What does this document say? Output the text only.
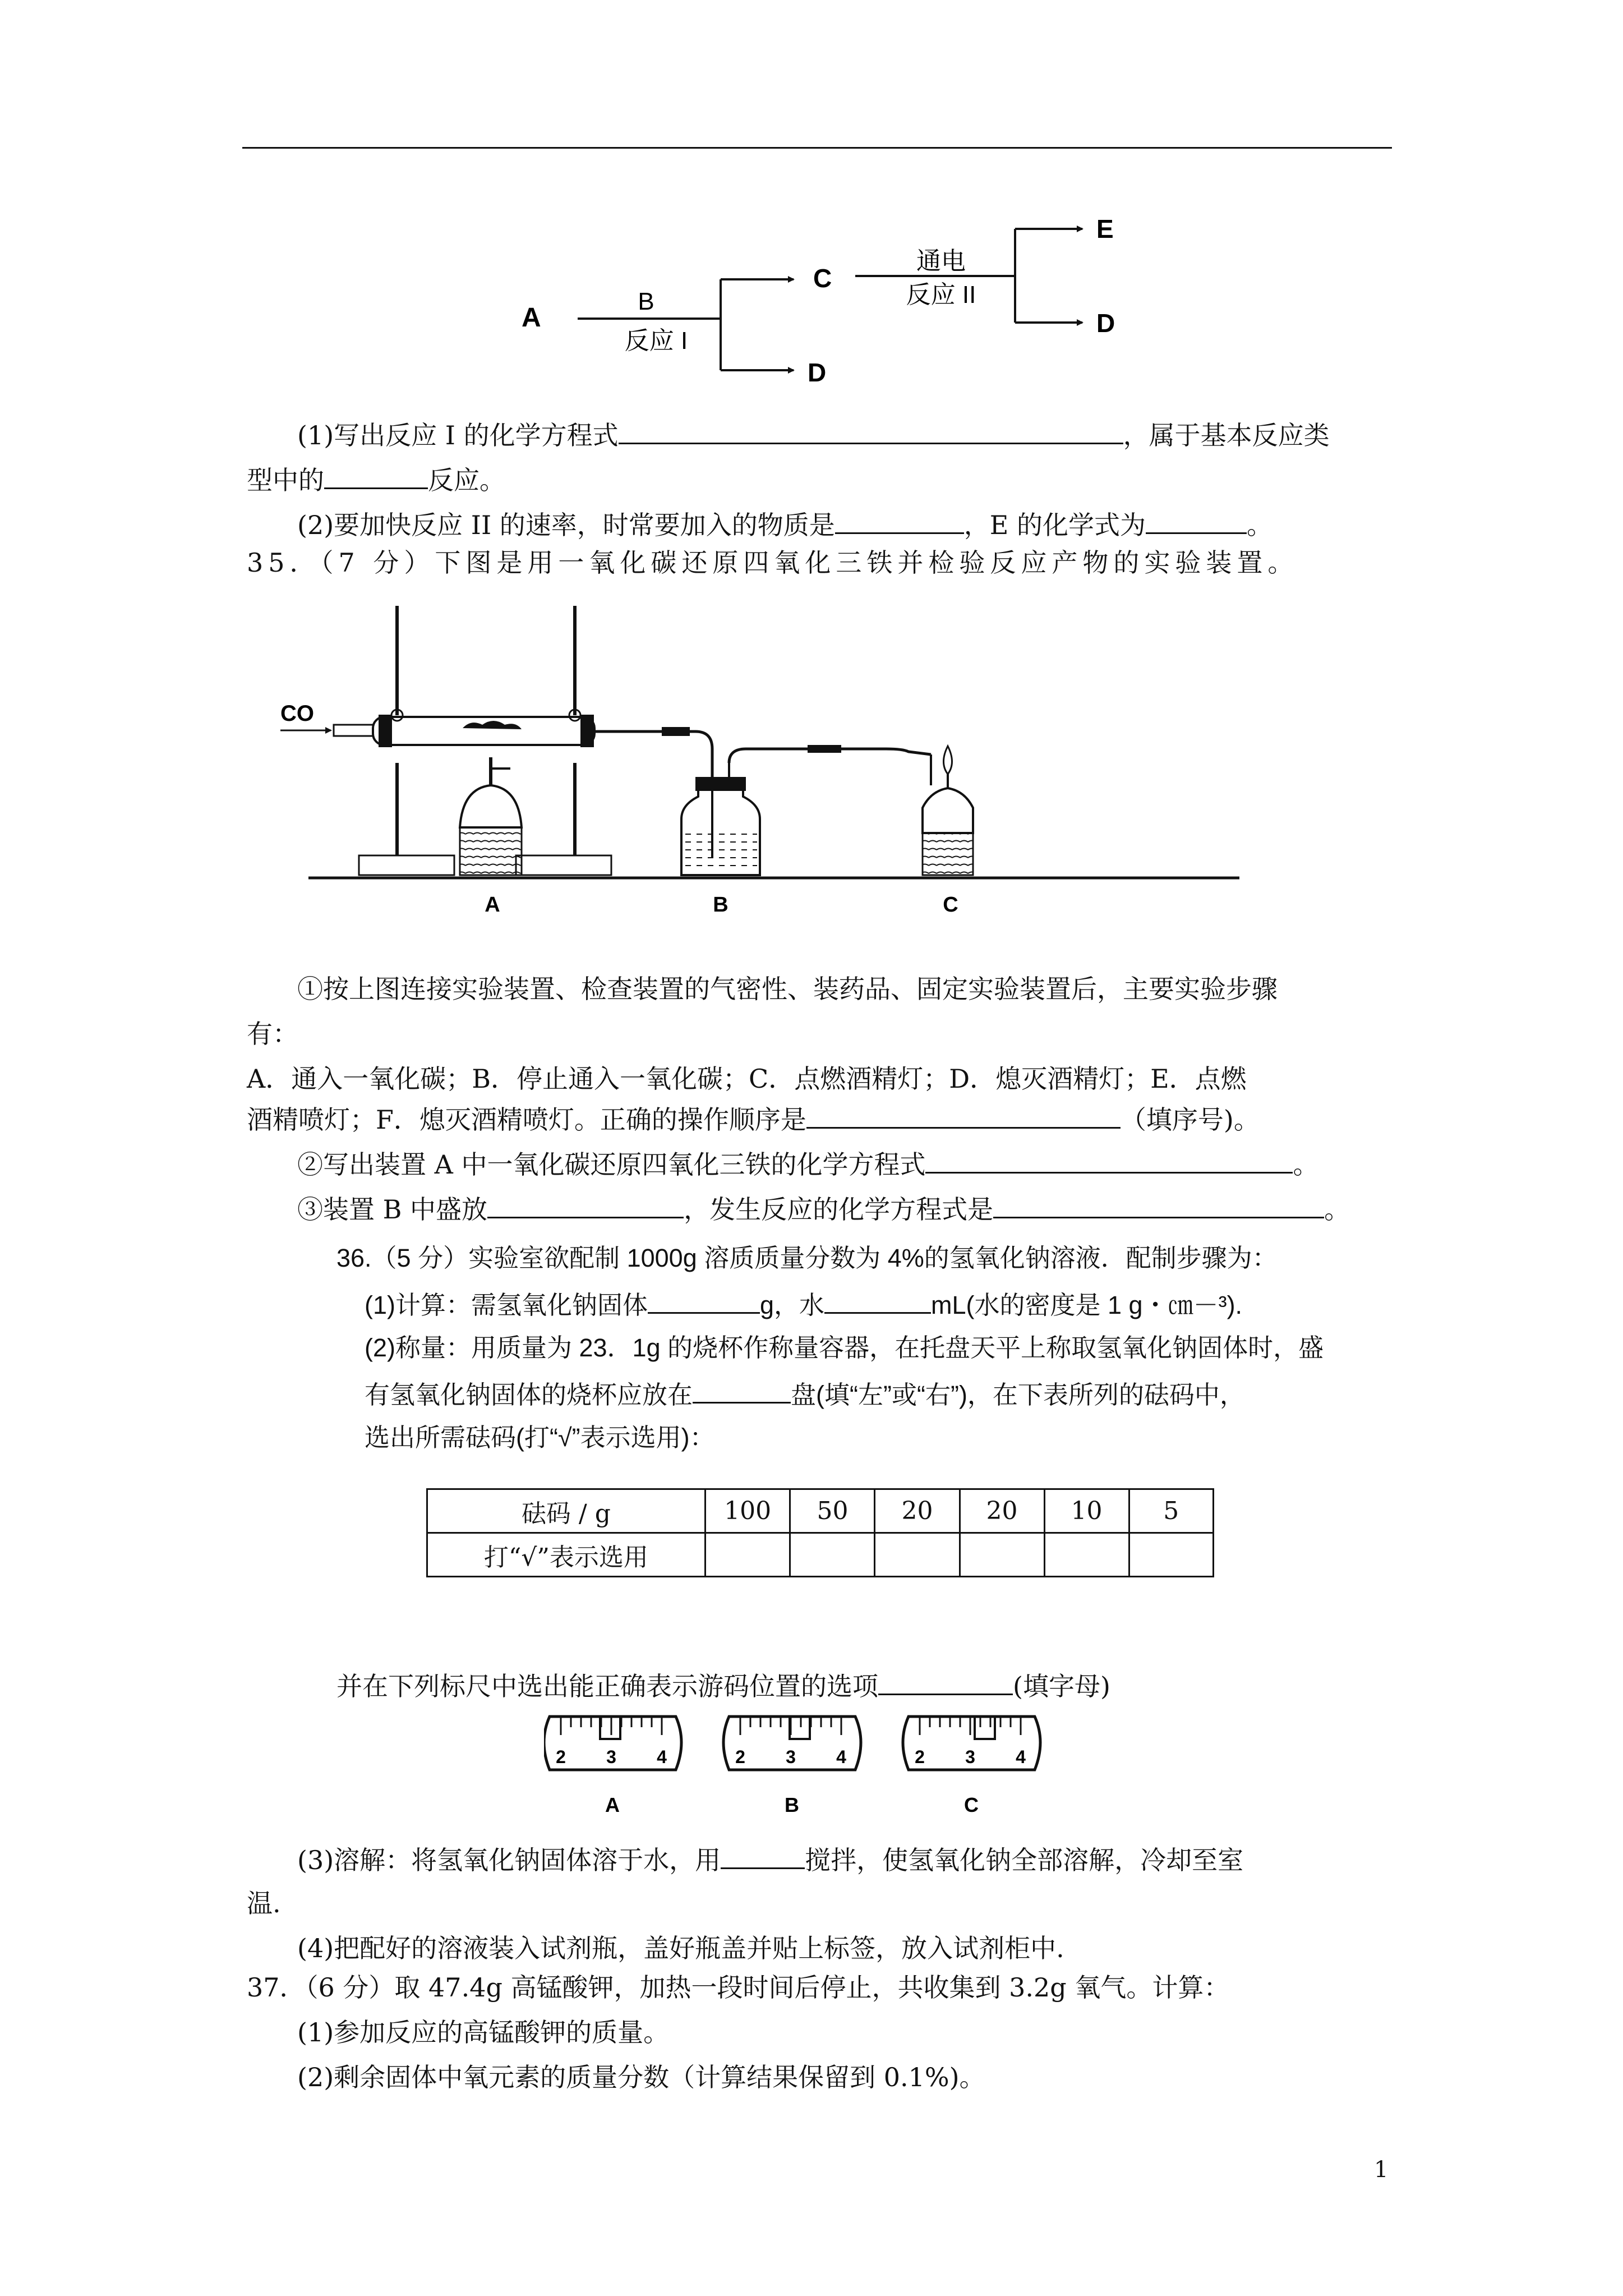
A
B
反应 I
C
D
通电
反应 II
E
D
(1)写出反应 I 的化学方程式	，属于基本反应类
型中的	反应。
(2)要加快反应 II 的速率，时常要加入的物质是	，E 的化学式为	。
35．（7 分）下图是用一氧化碳还原四氧化三铁并检验反应产物的实验装置。
CO
A	B	C
①按上图连接实验装置、检查装置的气密性、装药品、固定实验装置后，主要实验步骤
有：
A．通入一氧化碳；B．停止通入一氧化碳；C．点燃酒精灯；D．熄灭酒精灯；E．点燃
酒精喷灯；F．熄灭酒精喷灯。正确的操作顺序是	（填序号)。
②写出装置 A 中一氧化碳还原四氧化三铁的化学方程式	。
③装置 B 中盛放	，发生反应的化学方程式是	。
36.（5 分）实验室欲配制 1000g 溶质质量分数为 4%的氢氧化钠溶液．配制步骤为：
(1)计算：需氢氧化钠固体	g，水	mL(水的密度是 1 g・㎝－³).
(2)称量：用质量为 23．1g 的烧杯作称量容器，在托盘天平上称取氢氧化钠固体时，盛
有氢氧化钠固体的烧杯应放在	盘(填“左”或“右”)，在下表所列的砝码中，
选出所需砝码(打“√”表示选用)：
砝码 / g	100	50	20	20	10	5
打“√”表示选用						
并在下列标尺中选出能正确表示游码位置的选项	(填字母)
2 3 4
A
2 3 4
B
2 3 4
C
(3)溶解：将氢氧化钠固体溶于水，用	搅拌，使氢氧化钠全部溶解，冷却至室
温.
(4)把配好的溶液装入试剂瓶，盖好瓶盖并贴上标签，放入试剂柜中.
37．（6 分）取 47.4g 高锰酸钾，加热一段时间后停止，共收集到 3.2g 氧气。计算：
(1)参加反应的高锰酸钾的质量。
(2)剩余固体中氧元素的质量分数（计算结果保留到 0.1%)。
1
